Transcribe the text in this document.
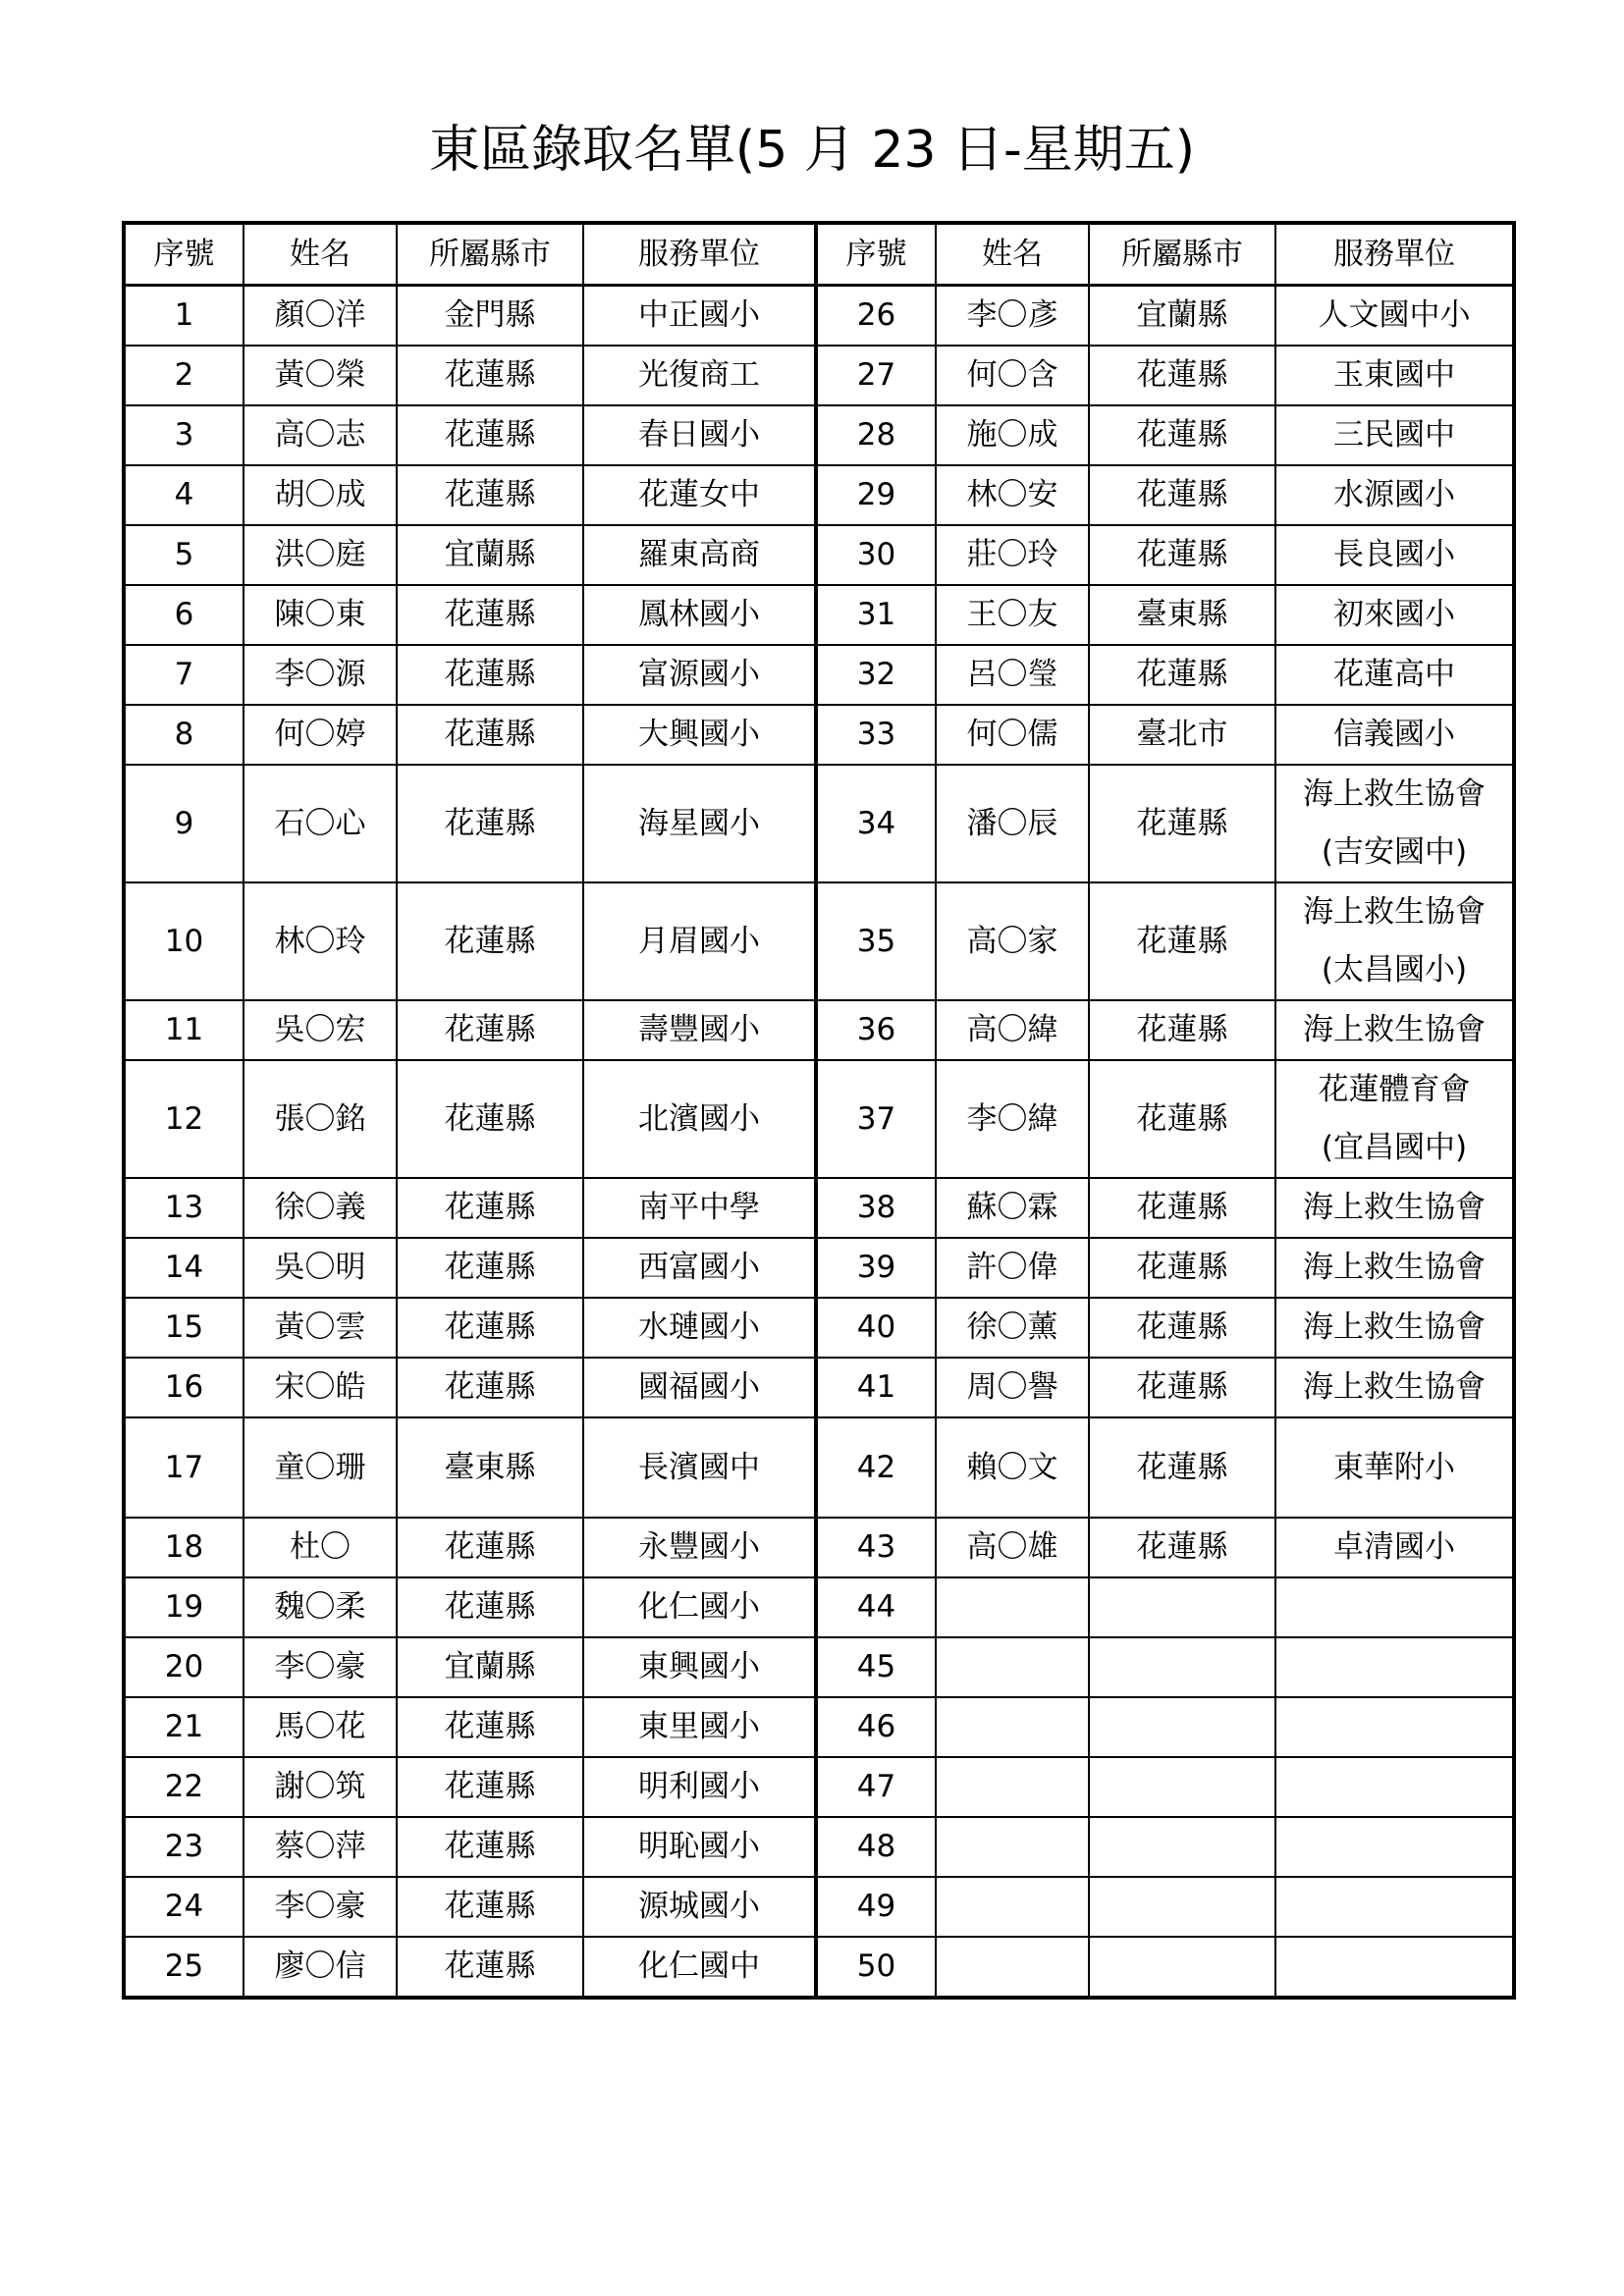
東區錄取名單(5 月 23 日-星期五)
序號	姓名	所屬縣市	服務單位	序號	姓名	所屬縣市	服務單位
1	顏〇洋	金門縣	中正國小	26	李〇彥	宜蘭縣	人文國中小

2	黃〇榮	花蓮縣	光復商工	27	何〇含	花蓮縣	玉東國中

3	高〇志	花蓮縣	春日國小	28	施〇成	花蓮縣	三民國中

4	胡〇成	花蓮縣	花蓮女中	29	林〇安	花蓮縣	水源國小

5	洪〇庭	宜蘭縣	羅東高商	30	莊〇玲	花蓮縣	長良國小

6	陳〇東	花蓮縣	鳳林國小	31	王〇友	臺東縣	初來國小

7	李〇源	花蓮縣	富源國小	32	呂〇瑩	花蓮縣	花蓮高中

8	何〇婷	花蓮縣	大興國小	33	何〇儒	臺北市	信義國小

9	石〇心	花蓮縣	海星國小	34	潘〇辰	花蓮縣	海上救生協會
(吉安國中)

10	林〇玲	花蓮縣	月眉國小	35	高〇家	花蓮縣	海上救生協會
(太昌國小)

11	吳〇宏	花蓮縣	壽豐國小	36	高〇緯	花蓮縣	海上救生協會

12	張〇銘	花蓮縣	北濱國小	37	李〇緯	花蓮縣	花蓮體育會
(宜昌國中)

13	徐〇義	花蓮縣	南平中學	38	蘇〇霖	花蓮縣	海上救生協會

14	吳〇明	花蓮縣	西富國小	39	許〇偉	花蓮縣	海上救生協會

15	黃〇雲	花蓮縣	水璉國小	40	徐〇薰	花蓮縣	海上救生協會

16	宋〇皓	花蓮縣	國福國小	41	周〇譽	花蓮縣	海上救生協會

17	童〇珊	臺東縣	長濱國中	42	賴〇文	花蓮縣	東華附小

18	杜〇	花蓮縣	永豐國小	43	高〇雄	花蓮縣	卓清國小

19	魏〇柔	花蓮縣	化仁國小	44			

20	李〇豪	宜蘭縣	東興國小	45			

21	馬〇花	花蓮縣	東里國小	46			

22	謝〇筑	花蓮縣	明利國小	47			

23	蔡〇萍	花蓮縣	明恥國小	48			

24	李〇豪	花蓮縣	源城國小	49			

25	廖〇信	花蓮縣	化仁國中	50			
